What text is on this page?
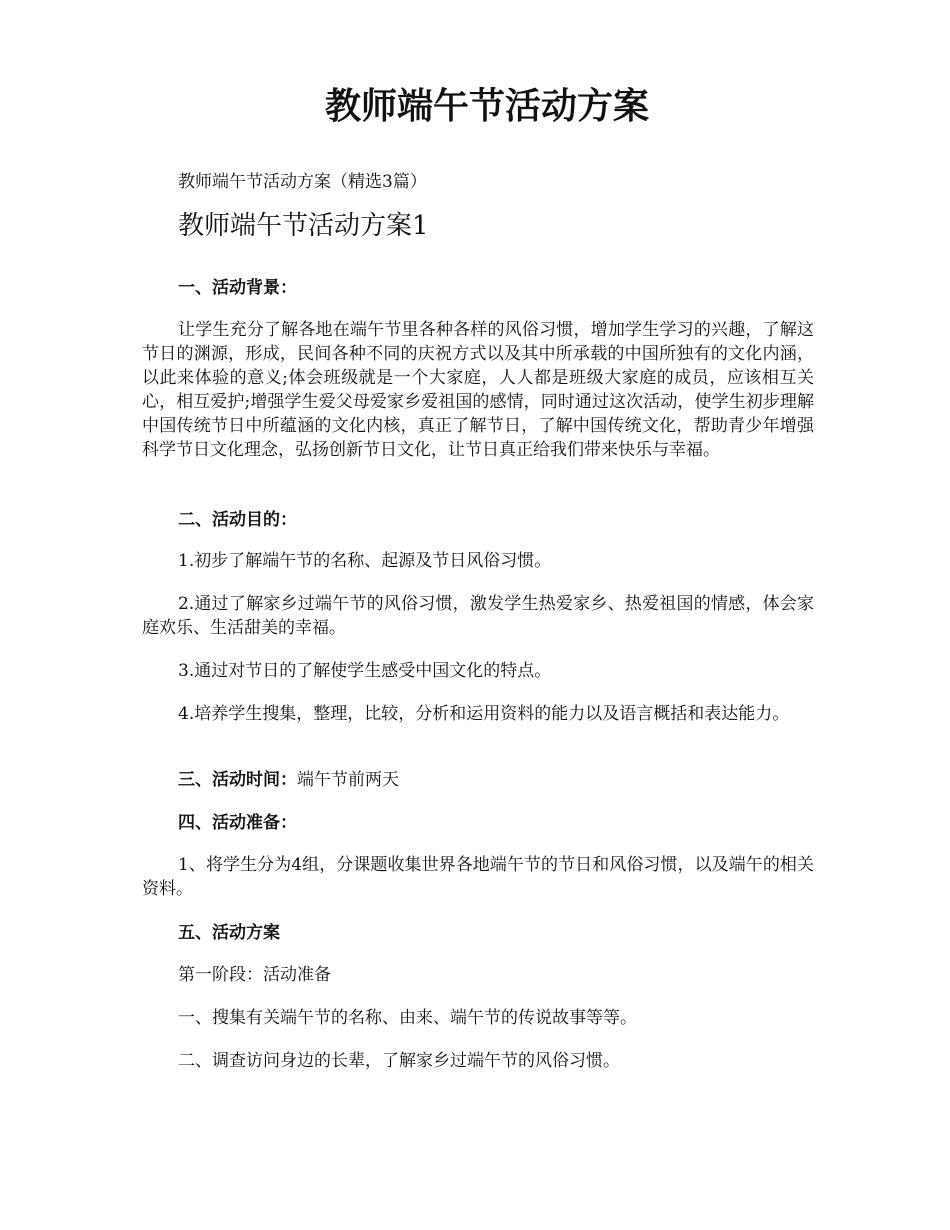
教师端午节活动方案

教师端午节活动方案（精选3篇）

教师端午节活动方案1

一、活动背景：

让学生充分了解各地在端午节里各种各样的风俗习惯，增加学生学习的兴趣，了解这节日的渊源，形成，民间各种不同的庆祝方式以及其中所承载的中国所独有的文化内涵，以此来体验的意义;体会班级就是一个大家庭，人人都是班级大家庭的成员，应该相互关心，相互爱护;增强学生爱父母爱家乡爱祖国的感情，同时通过这次活动，使学生初步理解中国传统节日中所蕴涵的文化内核，真正了解节日，了解中国传统文化，帮助青少年增强科学节日文化理念，弘扬创新节日文化，让节日真正给我们带来快乐与幸福。

二、活动目的：

1.初步了解端午节的名称、起源及节日风俗习惯。

2.通过了解家乡过端午节的风俗习惯，激发学生热爱家乡、热爱祖国的情感，体会家庭欢乐、生活甜美的幸福。

3.通过对节日的了解使学生感受中国文化的特点。

4.培养学生搜集，整理，比较，分析和运用资料的能力以及语言概括和表达能力。

三、活动时间：端午节前两天

四、活动准备：

1、将学生分为4组，分课题收集世界各地端午节的节日和风俗习惯，以及端午的相关资料。

五、活动方案

第一阶段：活动准备

一、搜集有关端午节的名称、由来、端午节的传说故事等等。

二、调查访问身边的长辈，了解家乡过端午节的风俗习惯。
